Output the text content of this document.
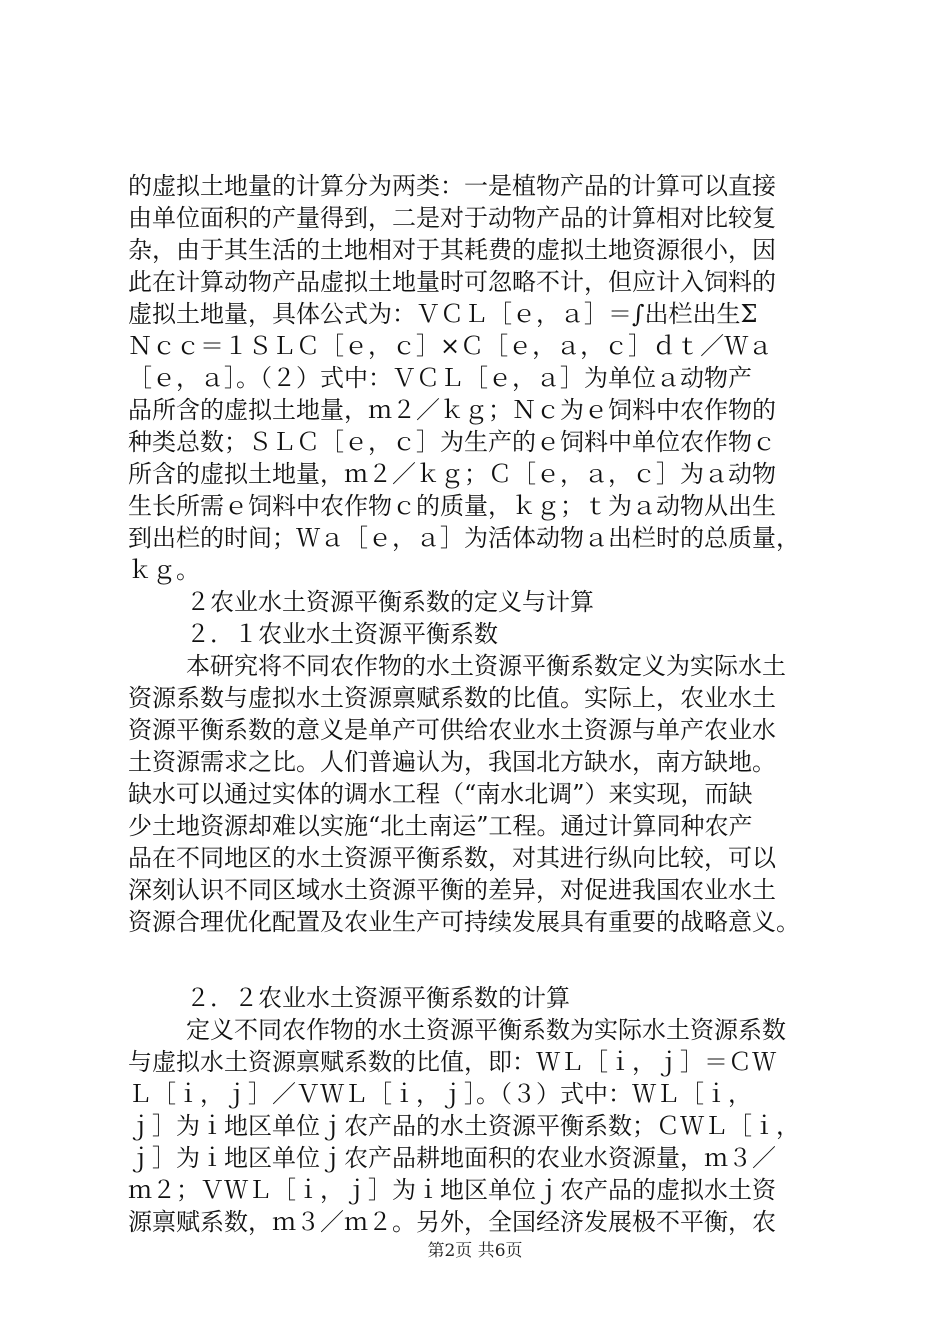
的虚拟土地量的计算分为两类：一是植物产品的计算可以直接
由单位面积的产量得到，二是对于动物产品的计算相对比较复
杂，由于其生活的土地相对于其耗费的虚拟土地资源很小，因
此在计算动物产品虚拟土地量时可忽略不计，但应计入饲料的
虚拟土地量，具体公式为：ＶＣＬ［ｅ，ａ］＝∫出栏出生Σ
Ｎｃｃ＝１ＳＬＣ［ｅ，ｃ］×Ｃ［ｅ，ａ，ｃ］ｄｔ／Ｗａ
［ｅ，ａ］。（２）式中：ＶＣＬ［ｅ，ａ］为单位ａ动物产
品所含的虚拟土地量，ｍ２／ｋｇ；Ｎｃ为ｅ饲料中农作物的
种类总数；ＳＬＣ［ｅ，ｃ］为生产的ｅ饲料中单位农作物ｃ
所含的虚拟土地量，ｍ２／ｋｇ；Ｃ［ｅ，ａ，ｃ］为ａ动物
生长所需ｅ饲料中农作物ｃ的质量，ｋｇ；ｔ为ａ动物从出生
到出栏的时间；Ｗａ［ｅ，ａ］为活体动物ａ出栏时的总质量，
ｋｇ。
２农业水土资源平衡系数的定义与计算
２．１农业水土资源平衡系数
本研究将不同农作物的水土资源平衡系数定义为实际水土
资源系数与虚拟水土资源禀赋系数的比值。实际上，农业水土
资源平衡系数的意义是单产可供给农业水土资源与单产农业水
土资源需求之比。人们普遍认为，我国北方缺水，南方缺地。
缺水可以通过实体的调水工程（“南水北调”）来实现，而缺
少土地资源却难以实施“北土南运”工程。通过计算同种农产
品在不同地区的水土资源平衡系数，对其进行纵向比较，可以
深刻认识不同区域水土资源平衡的差异，对促进我国农业水土
资源合理优化配置及农业生产可持续发展具有重要的战略意义。
２．２农业水土资源平衡系数的计算
定义不同农作物的水土资源平衡系数为实际水土资源系数
与虚拟水土资源禀赋系数的比值，即：ＷＬ［ｉ，ｊ］＝ＣＷ
Ｌ［ｉ，ｊ］／ＶＷＬ［ｉ，ｊ］。（３）式中：ＷＬ［ｉ，
ｊ］为ｉ地区单位ｊ农产品的水土资源平衡系数；ＣＷＬ［ｉ，
ｊ］为ｉ地区单位ｊ农产品耕地面积的农业水资源量，ｍ３／
ｍ２；ＶＷＬ［ｉ，ｊ］为ｉ地区单位ｊ农产品的虚拟水土资
源禀赋系数，ｍ３／ｍ２。另外，全国经济发展极不平衡，农
第2页 共6页
